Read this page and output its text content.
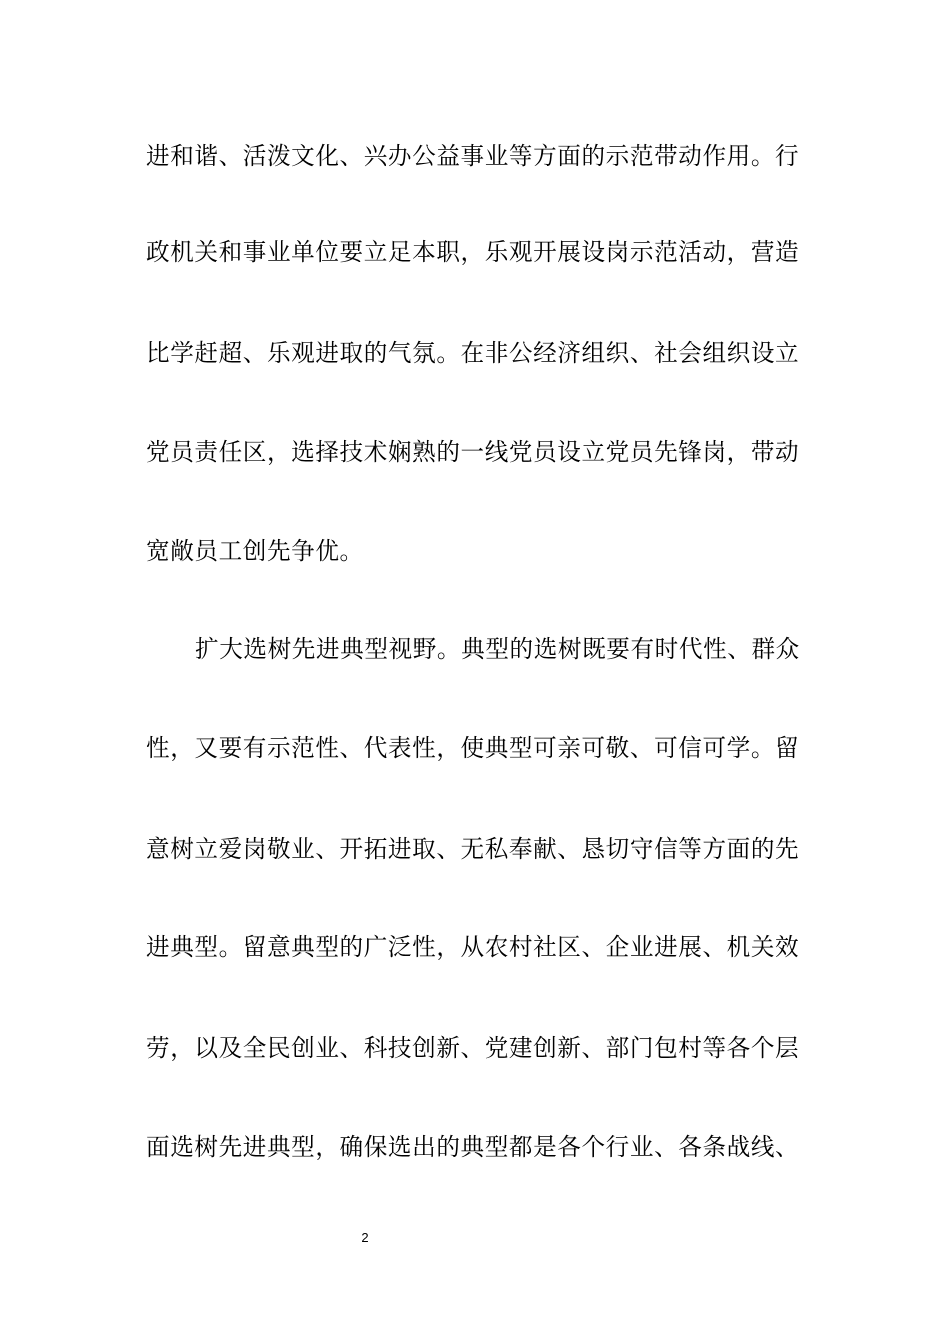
进和谐、活泼文化、兴办公益事业等方面的示范带动作用。行
政机关和事业单位要立足本职，乐观开展设岗示范活动，营造
比学赶超、乐观进取的气氛。在非公经济组织、社会组织设立
党员责任区，选择技术娴熟的一线党员设立党员先锋岗，带动
宽敞员工创先争优。
扩大选树先进典型视野。典型的选树既要有时代性、群众
性，又要有示范性、代表性，使典型可亲可敬、可信可学。留
意树立爱岗敬业、开拓进取、无私奉献、恳切守信等方面的先
进典型。留意典型的广泛性，从农村社区、企业进展、机关效
劳，以及全民创业、科技创新、党建创新、部门包村等各个层
面选树先进典型，确保选出的典型都是各个行业、各条战线、
2
